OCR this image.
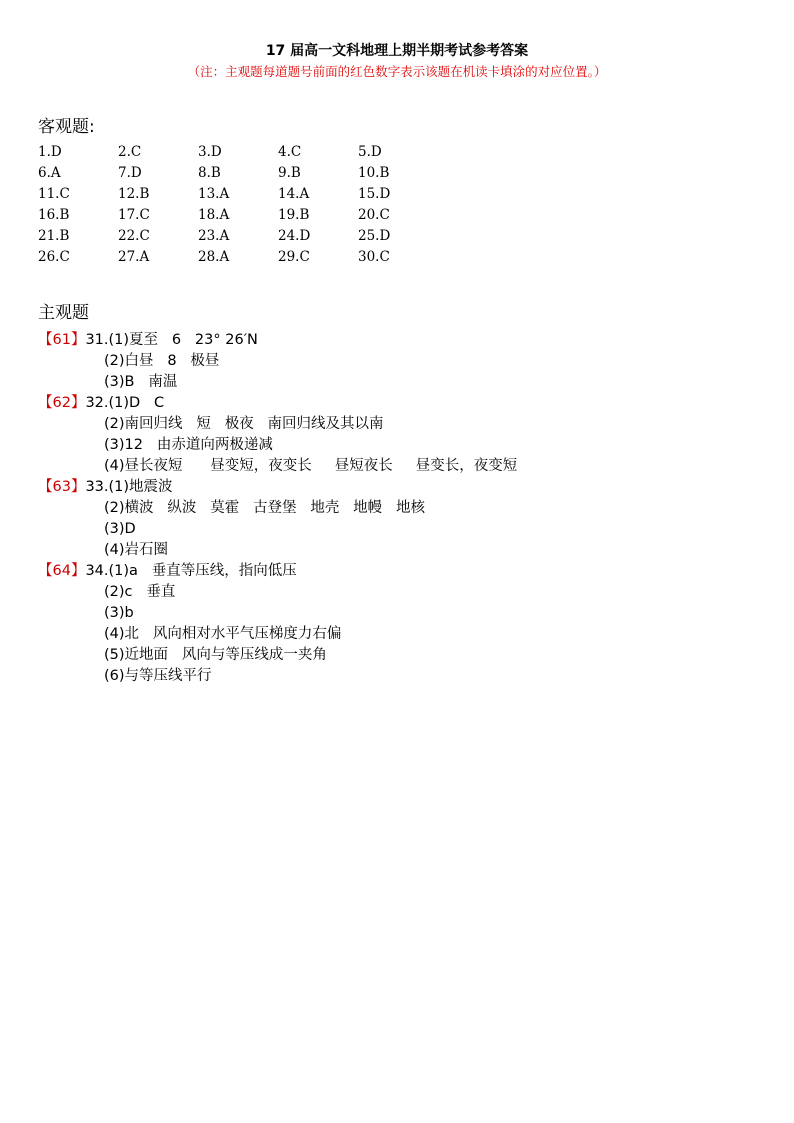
17 届高一文科地理上期半期考试参考答案
（注：主观题每道题号前面的红色数字表示该题在机读卡填涂的对应位置。）
客观题:
1.D	2.C	3.D	4.C	5.D
6.A	7.D	8.B	9.B	10.B
11.C	12.B	13.A	14.A	15.D
16.B	17.C	18.A	19.B	20.C
21.B	22.C	23.A	24.D	25.D
26.C	27.A	28.A	29.C	30.C
主观题
【61】31.(1)夏至   6   23° 26′N
(2)白昼   8   极昼
(3)B   南温
【62】32.(1)D   C
(2)南回归线   短   极夜   南回归线及其以南
(3)12   由赤道向两极递减
(4)昼长夜短      昼变短，夜变长     昼短夜长     昼变长，夜变短
【63】33.(1)地震波
(2)横波   纵波   莫霍   古登堡   地壳   地幔   地核
(3)D
(4)岩石圈
【64】34.(1)a   垂直等压线，指向低压
(2)c   垂直
(3)b
(4)北   风向相对水平气压梯度力右偏
(5)近地面   风向与等压线成一夹角
(6)与等压线平行
